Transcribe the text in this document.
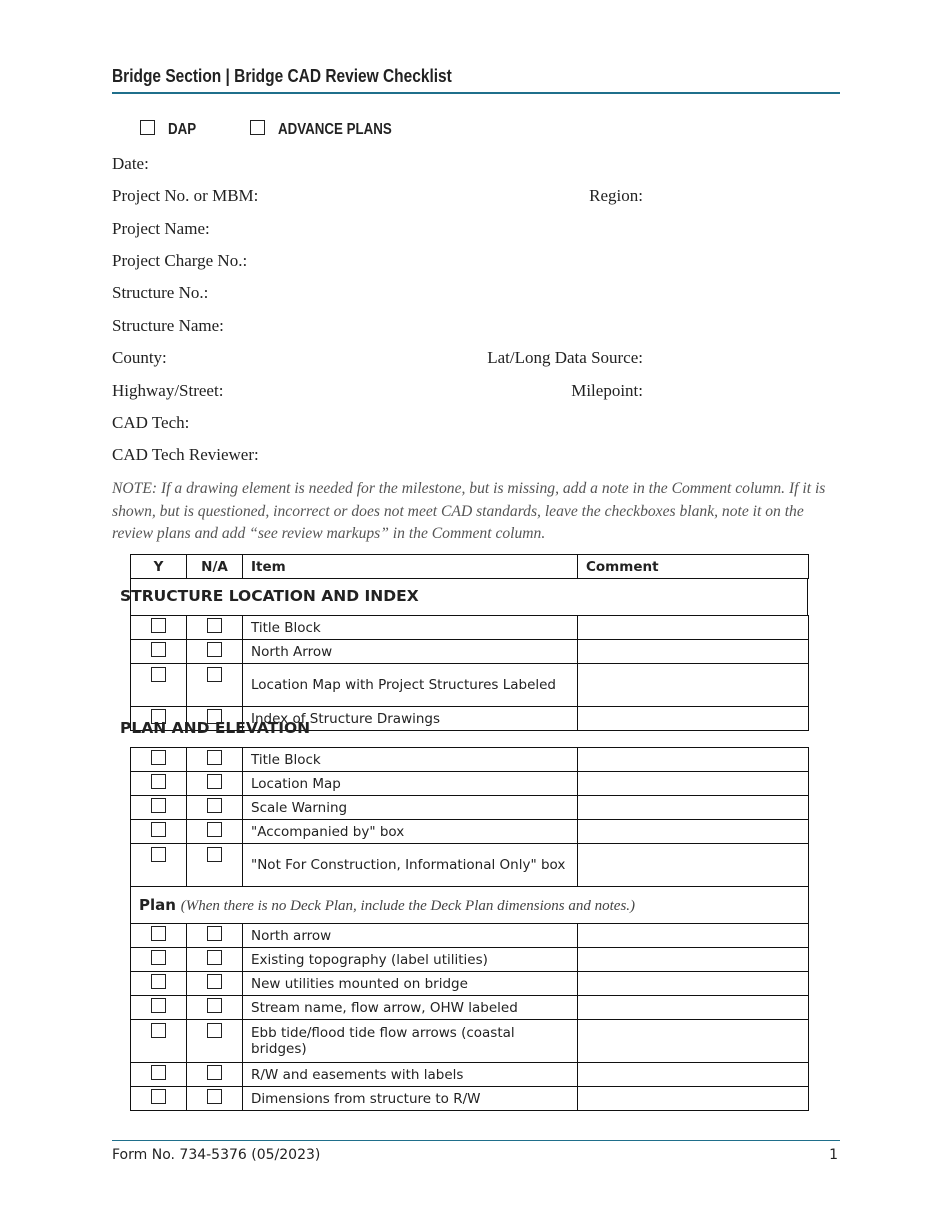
Bridge Section | Bridge CAD Review Checklist
DAP	ADVANCE PLANS
Date:
Project No. or MBM:	Region:
Project Name:
Project Charge No.:
Structure No.:
Structure Name:
County:	Lat/Long Data Source:
Highway/Street:	Milepoint:
CAD Tech:
CAD Tech Reviewer:
NOTE: If a drawing element is needed for the milestone, but is missing, add a note in the Comment column. If it is shown, but is questioned, incorrect or does not meet CAD standards, leave the checkboxes blank, note it on the review plans and add “see review markups” in the Comment column.
Y	N/A	Item	Comment
STRUCTURE LOCATION AND INDEX
		Title Block	
		North Arrow	
		Location Map with Project Structures Labeled	
		Index of Structure Drawings	
PLAN AND ELEVATION
		Title Block	
		Location Map	
		Scale Warning	
		"Accompanied by" box	
		"Not For Construction, Informational Only" box	
Plan (When there is no Deck Plan, include the Deck Plan dimensions and notes.)			
		North arrow	
		Existing topography (label utilities)	
		New utilities mounted on bridge	
		Stream name, flow arrow, OHW labeled	
		Ebb tide/flood tide flow arrows (coastal bridges)	
		R/W and easements with labels	
		Dimensions from structure to R/W	
Form No. 734-5376 (05/2023)	1
